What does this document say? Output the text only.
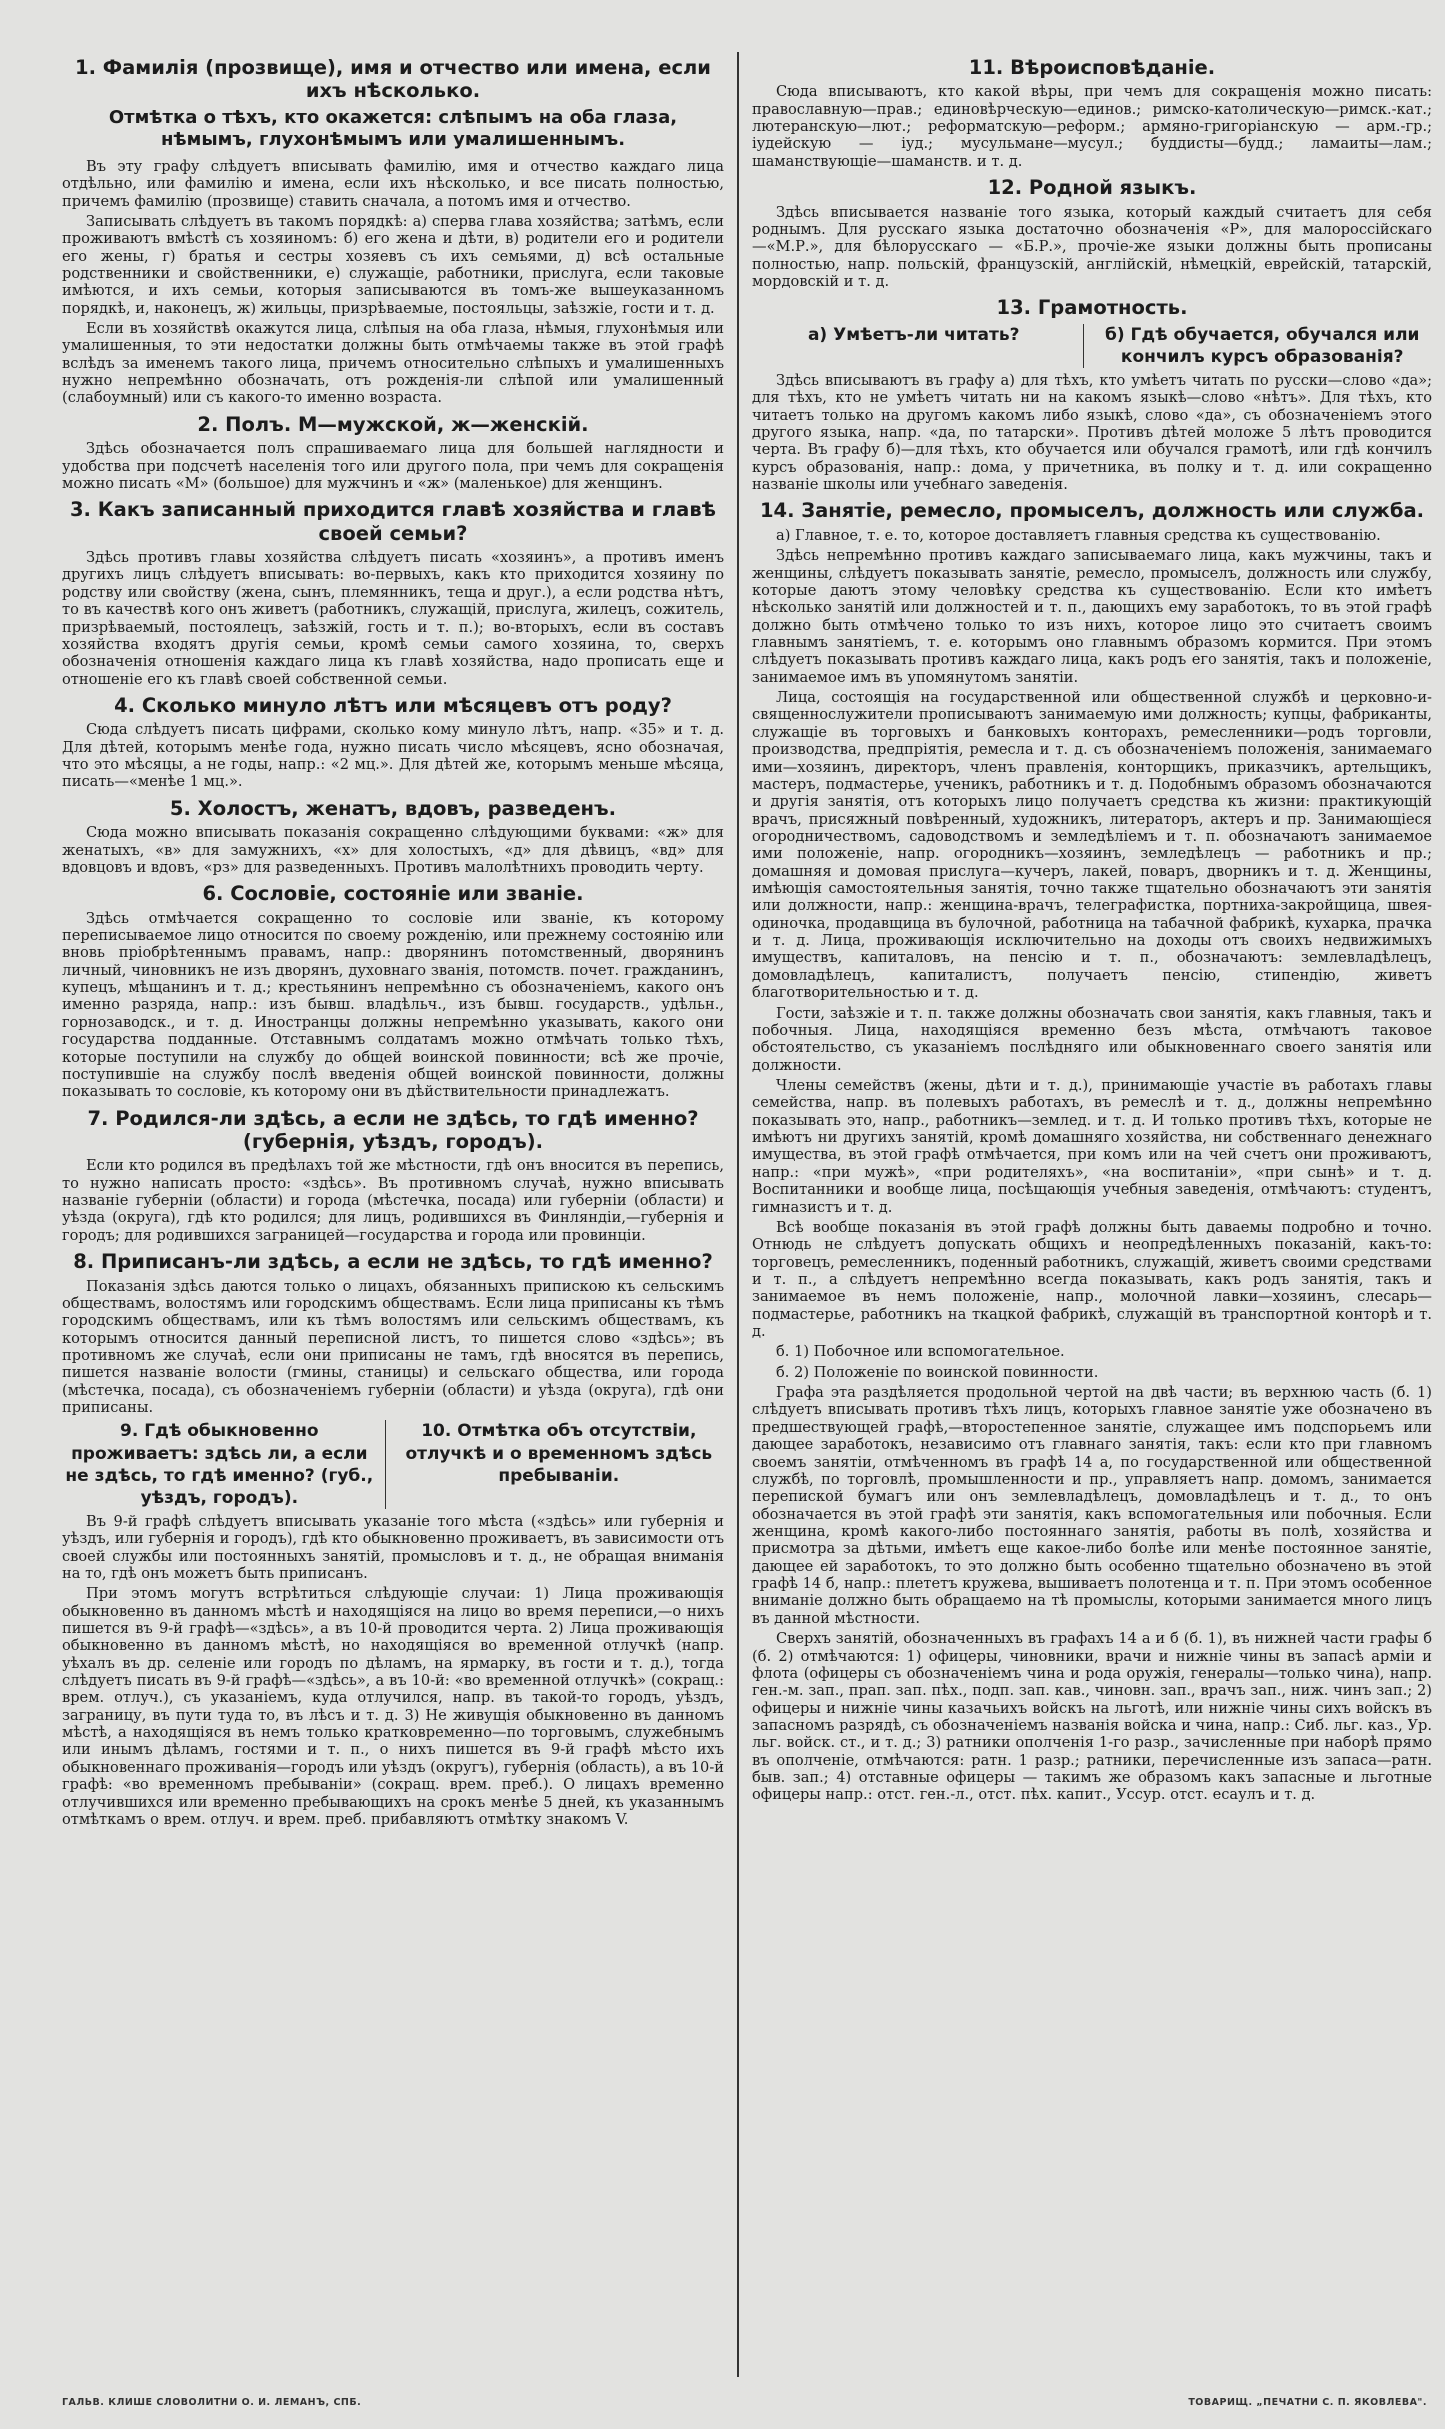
1. Фамилія (прозвище), имя и отчество или имена, если ихъ нѣсколько.
Отмѣтка о тѣхъ, кто окажется: слѣпымъ на оба глаза, нѣмымъ, глухонѣмымъ или умалишеннымъ.

Въ эту графу слѣдуетъ вписывать фамилію, имя и отчество каждаго лица отдѣльно, или фамилію и имена, если ихъ нѣсколько, и все писать полностью, причемъ фамилію (прозвище) ставить сначала, а потомъ имя и отчество.

Записывать слѣдуетъ въ такомъ порядкѣ: а) сперва глава хозяйства; затѣмъ, если проживаютъ вмѣстѣ съ хозяиномъ: б) его жена и дѣти, в) родители его и родители его жены, г) братья и сестры хозяевъ съ ихъ семьями, д) всѣ остальные родственники и свойственники, е) служащіе, работники, прислуга, если таковые имѣются, и ихъ семьи, которыя записываются въ томъ-же вышеуказанномъ порядкѣ, и, наконецъ, ж) жильцы, призрѣваемые, постояльцы, заѣзжіе, гости и т. д.

Если въ хозяйствѣ окажутся лица, слѣпыя на оба глаза, нѣмыя, глухонѣмыя или умалишенныя, то эти недостатки должны быть отмѣчаемы также въ этой графѣ вслѣдъ за именемъ такого лица, причемъ относительно слѣпыхъ и умалишенныхъ нужно непремѣнно обозначать, отъ рожденія-ли слѣпой или умалишенный (слабоумный) или съ какого-то именно возраста.

2. Полъ. М—мужской, ж—женскій.

Здѣсь обозначается полъ спрашиваемаго лица для большей наглядности и удобства при подсчетѣ населенія того или другого пола, при чемъ для сокращенія можно писать «М» (большое) для мужчинъ и «ж» (маленькое) для женщинъ.

3. Какъ записанный приходится главѣ хозяйства и главѣ своей семьи?

Здѣсь противъ главы хозяйства слѣдуетъ писать «хозяинъ», а противъ именъ другихъ лицъ слѣдуетъ вписывать: во-первыхъ, какъ кто приходится хозяину по родству или свойству (жена, сынъ, племянникъ, теща и друг.), а если родства нѣтъ, то въ качествѣ кого онъ живетъ (работникъ, служащій, прислуга, жилецъ, сожитель, призрѣваемый, постоялецъ, заѣзжій, гость и т. п.); во-вторыхъ, если въ составъ хозяйства входятъ другія семьи, кромѣ семьи самого хозяина, то, сверхъ обозначенія отношенія каждаго лица къ главѣ хозяйства, надо прописать еще и отношеніе его къ главѣ своей собственной семьи.

4. Сколько минуло лѣтъ или мѣсяцевъ отъ роду?

Сюда слѣдуетъ писать цифрами, сколько кому минуло лѣтъ, напр. «35» и т. д. Для дѣтей, которымъ менѣе года, нужно писать число мѣсяцевъ, ясно обозначая, что это мѣсяцы, а не годы, напр.: «2 мц.». Для дѣтей же, которымъ меньше мѣсяца, писать—«менѣе 1 мц.».

5. Холостъ, женатъ, вдовъ, разведенъ.

Сюда можно вписывать показанія сокращенно слѣдующими буквами: «ж» для женатыхъ, «в» для замужнихъ, «х» для холостыхъ, «д» для дѣвицъ, «вд» для вдовцовъ и вдовъ, «рз» для разведенныхъ. Противъ малолѣтнихъ проводить черту.

6. Сословіе, состояніе или званіе.

Здѣсь отмѣчается сокращенно то сословіе или званіе, къ которому переписываемое лицо относится по своему рожденію, или прежнему состоянію или вновь пріобрѣтеннымъ правамъ, напр.: дворянинъ потомственный, дворянинъ личный, чиновникъ не изъ дворянъ, духовнаго званія, потомств. почет. гражданинъ, купецъ, мѣщанинъ и т. д.; крестьянинъ непремѣнно съ обозначеніемъ, какого онъ именно разряда, напр.: изъ бывш. владѣльч., изъ бывш. государств., удѣльн., горнозаводск., и т. д. Иностранцы должны непремѣнно указывать, какого они государства подданные. Отставнымъ солдатамъ можно отмѣчать только тѣхъ, которые поступили на службу до общей воинской повинности; всѣ же прочіе, поступившіе на службу послѣ введенія общей воинской повинности, должны показывать то сословіе, къ которому они въ дѣйствительности принадлежатъ.

7. Родился-ли здѣсь, а если не здѣсь, то гдѣ именно? (губернія, уѣздъ, городъ).

Если кто родился въ предѣлахъ той же мѣстности, гдѣ онъ вносится въ перепись, то нужно написать просто: «здѣсь». Въ противномъ случаѣ, нужно вписывать названіе губерніи (области) и города (мѣстечка, посада) или губерніи (области) и уѣзда (округа), гдѣ кто родился; для лицъ, родившихся въ Финляндіи,—губернія и городъ; для родившихся заграницей—государства и города или провинціи.

8. Приписанъ-ли здѣсь, а если не здѣсь, то гдѣ именно?

Показанія здѣсь даются только о лицахъ, обязанныхъ припискою къ сельскимъ обществамъ, волостямъ или городскимъ обществамъ. Если лица приписаны къ тѣмъ городскимъ обществамъ, или къ тѣмъ волостямъ или сельскимъ обществамъ, къ которымъ относится данный переписной листъ, то пишется слово «здѣсь»; въ противномъ же случаѣ, если они приписаны не тамъ, гдѣ вносятся въ перепись, пишется названіе волости (гмины, станицы) и сельскаго общества, или города (мѣстечка, посада), съ обозначеніемъ губерніи (области) и уѣзда (округа), гдѣ они приписаны.

9. Гдѣ обыкновенно проживаетъ: здѣсь ли, а если не здѣсь, то гдѣ именно? (губ., уѣздъ, городъ).
10. Отмѣтка объ отсутствіи, отлучкѣ и о временномъ здѣсь пребываніи.

Въ 9-й графѣ слѣдуетъ вписывать указаніе того мѣста («здѣсь» или губернія и уѣздъ, или губернія и городъ), гдѣ кто обыкновенно проживаетъ, въ зависимости отъ своей службы или постоянныхъ занятій, промысловъ и т. д., не обращая вниманія на то, гдѣ онъ можетъ быть приписанъ.

При этомъ могутъ встрѣтиться слѣдующіе случаи: 1) Лица проживающія обыкновенно въ данномъ мѣстѣ и находящіяся на лицо во время переписи,—о нихъ пишется въ 9-й графѣ—«здѣсь», а въ 10-й проводится черта. 2) Лица проживающія обыкновенно въ данномъ мѣстѣ, но находящіяся во временной отлучкѣ (напр. уѣхалъ въ др. селеніе или городъ по дѣламъ, на ярмарку, въ гости и т. д.), тогда слѣдуетъ писать въ 9-й графѣ—«здѣсь», а въ 10-й: «во временной отлучкѣ» (сокращ.: врем. отлуч.), съ указаніемъ, куда отлучился, напр. въ такой-то городъ, уѣздъ, заграницу, въ пути тудa то, въ лѣсъ и т. д. 3) Не живущія обыкновенно въ данномъ мѣстѣ, а находящіяся въ немъ только кратковременно—по торговымъ, служебнымъ или инымъ дѣламъ, гостями и т. п., о нихъ пишется въ 9-й графѣ мѣсто ихъ обыкновеннаго проживанія—городъ или уѣздъ (округъ), губернія (область), а въ 10-й графѣ: «во временномъ пребываніи» (сокращ. врем. преб.). О лицахъ временно отлучившихся или временно пребывающихъ на срокъ менѣе 5 дней, къ указаннымъ отмѣткамъ о врем. отлуч. и врем. преб. прибавляютъ отмѣтку знакомъ V.

11. Вѣроисповѣданіе.

Сюда вписываютъ, кто какой вѣры, при чемъ для сокращенія можно писать: православную—прав.; единовѣрческую—единов.; римско-католическую—римск.-кат.; лютеранскую—лют.; реформатскую—реформ.; армяно-григоріанскую — арм.-гр.; іудейскую — іуд.; мусульмане—мусул.; буддисты—будд.; ламаиты—лам.; шаманствующіе—шаманств. и т. д.

12. Родной языкъ.

Здѣсь вписывается названіе того языка, который каждый считаетъ для себя роднымъ. Для русскаго языка достаточно обозначенія «Р», для малороссійскаго—«М.Р.», для бѣлорусскаго — «Б.Р.», прочіе-же языки должны быть прописаны полностью, напр. польскій, французскій, англійскій, нѣмецкій, еврейскій, татарскій, мордовскій и т. д.

13. Грамотность.
а) Умѣетъ-ли читать?	б) Гдѣ обучается, обучался или кончилъ курсъ образованія?

Здѣсь вписываютъ въ графу а) для тѣхъ, кто умѣетъ читать по русски—слово «да»; для тѣхъ, кто не умѣетъ читать ни на какомъ языкѣ—слово «нѣтъ». Для тѣхъ, кто читаетъ только на другомъ какомъ либо языкѣ, слово «да», съ обозначеніемъ этого другого языка, напр. «да, по татарски». Противъ дѣтей моложе 5 лѣтъ проводится черта. Въ графу б)—для тѣхъ, кто обучается или обучался грамотѣ, или гдѣ кончилъ курсъ образованія, напр.: дома, у причетника, въ полку и т. д. или сокращенно названіе школы или учебнаго заведенія.

14. Занятіе, ремесло, промыселъ, должность или служба.

а) Главное, т. е. то, которое доставляетъ главныя средства къ существованію.

Здѣсь непремѣнно противъ каждаго записываемаго лица, какъ мужчины, такъ и женщины, слѣдуетъ показывать занятіе, ремесло, промыселъ, должность или службу, которые даютъ этому человѣку средства къ существованію. Если кто имѣетъ нѣсколько занятій или должностей и т. п., дающихъ ему заработокъ, то въ этой графѣ должно быть отмѣчено только то изъ нихъ, которое лицо это считаетъ своимъ главнымъ занятіемъ, т. е. которымъ оно главнымъ образомъ кормится. При этомъ слѣдуетъ показывать противъ каждаго лица, какъ родъ его занятія, такъ и положеніе, занимаемое имъ въ упомянутомъ занятіи.

Лица, состоящія на государственной или общественной службѣ и церковно-и-священнослужители прописываютъ занимаемую ими должность; купцы, фабриканты, служащіе въ торговыхъ и банковыхъ конторахъ, ремесленники—родъ торговли, производства, предпріятія, ремесла и т. д. съ обозначеніемъ положенія, занимаемаго ими—хозяинъ, директоръ, членъ правленія, конторщикъ, приказчикъ, артельщикъ, мастеръ, подмастерье, ученикъ, работникъ и т. д. Подобнымъ образомъ обозначаются и другія занятія, отъ которыхъ лицо получаетъ средства къ жизни: практикующій врачъ, присяжный повѣренный, художникъ, литераторъ, актеръ и пр. Занимающіеся огородничествомъ, садоводствомъ и земледѣліемъ и т. п. обозначаютъ занимаемое ими положеніе, напр. огородникъ—хозяинъ, земледѣлецъ — работникъ и пр.; домашняя и домовая прислуга—кучеръ, лакей, поваръ, дворникъ и т. д. Женщины, имѣющія самостоятельныя занятія, точно также тщательно обозначаютъ эти занятія или должности, напр.: женщина-врачъ, телеграфистка, портниха-закройщица, швея-одиночка, продавщица въ булочной, работница на табачной фабрикѣ, кухарка, прачка и т. д. Лица, проживающія исключительно на доходы отъ своихъ недвижимыхъ имуществъ, капиталовъ, на пенсію и т. п., обозначаютъ: землевладѣлецъ, домовладѣлецъ, капиталистъ, получаетъ пенсію, стипендію, живетъ благотворительностью и т. д.

Гости, заѣзжіе и т. п. также должны обозначать свои занятія, какъ главныя, такъ и побочныя. Лица, находящіяся временно безъ мѣста, отмѣчаютъ таковое обстоятельство, съ указаніемъ послѣдняго или обыкновеннаго своего занятія или должности.

Члены семействъ (жены, дѣти и т. д.), принимающіе участіе въ работахъ главы семейства, напр. въ полевыхъ работахъ, въ ремеслѣ и т. д., должны непремѣнно показывать это, напр., работникъ—землед. и т. д. И только противъ тѣхъ, которые не имѣютъ ни другихъ занятій, кромѣ домашняго хозяйства, ни собственнаго денежнаго имущества, въ этой графѣ отмѣчается, при комъ или на чей счетъ они проживаютъ, напр.: «при мужѣ», «при родителяхъ», «на воспитаніи», «при сынѣ» и т. д. Воспитанники и вообще лица, посѣщающія учебныя заведенія, отмѣчаютъ: студентъ, гимназистъ и т. д.

Всѣ вообще показанія въ этой графѣ должны быть даваемы подробно и точно. Отнюдь не слѣдуетъ допускать общихъ и неопредѣленныхъ показаній, какъ-то: торговецъ, ремесленникъ, поденный работникъ, служащій, живетъ своими средствами и т. п., а слѣдуетъ непремѣнно всегда показывать, какъ родъ занятія, такъ и занимаемое въ немъ положеніе, напр., молочной лавки—хозяинъ, слесарь—подмастерье, работникъ на ткацкой фабрикѣ, служащій въ транспортной конторѣ и т. д.

б. 1) Побочное или вспомогательное.

б. 2) Положеніе по воинской повинности.

Графа эта раздѣляется продольной чертой на двѣ части; въ верхнюю часть (б. 1) слѣдуетъ вписывать противъ тѣхъ лицъ, которыхъ главное занятіе уже обозначено въ предшествующей графѣ,—второстепенное занятіе, служащее имъ подспорьемъ или дающее заработокъ, независимо отъ главнаго занятія, такъ: если кто при главномъ своемъ занятіи, отмѣченномъ въ графѣ 14 а, по государственной или общественной службѣ, по торговлѣ, промышленности и пр., управляетъ напр. домомъ, занимается перепиской бумагъ или онъ землевладѣлецъ, домовладѣлецъ и т. д., то онъ обозначается въ этой графѣ эти занятія, какъ вспомогательныя или побочныя. Если женщина, кромѣ какого-либо постояннаго занятія, работы въ полѣ, хозяйства и присмотра за дѣтьми, имѣетъ еще какое-либо болѣе или менѣе постоянное занятіе, дающее ей заработокъ, то это должно быть особенно тщательно обозначено въ этой графѣ 14 б, напр.: плететъ кружева, вышиваетъ полотенца и т. п. При этомъ особенное вниманіе должно быть обращаемо на тѣ промыслы, которыми занимается много лицъ въ данной мѣстности.

Сверхъ занятій, обозначенныхъ въ графахъ 14 а и б (б. 1), въ нижней части графы б (б. 2) отмѣчаются: 1) офицеры, чиновники, врачи и нижніе чины въ запасѣ арміи и флота (офицеры съ обозначеніемъ чина и рода оружія, генералы—только чина), напр. ген.-м. зап., прап. зап. пѣх., подп. зап. кав., чиновн. зап., врачъ зап., ниж. чинъ зап.; 2) офицеры и нижніе чины казачьихъ войскъ на льготѣ, или нижніе чины сихъ войскъ въ запасномъ разрядѣ, съ обозначеніемъ названія войска и чина, напр.: Сиб. льг. каз., Ур. льг. войск. ст., и т. д.; 3) ратники ополченія 1-го разр., зачисленные при наборѣ прямо въ ополченіе, отмѣчаются: ратн. 1 разр.; ратники, перечисленные изъ запаса—ратн. быв. зап.; 4) отставные офицеры — такимъ же образомъ какъ запасные и льготные офицеры напр.: отст. ген.-л., отст. пѣх. капит., Уссур. отст. есаулъ и т. д.

ГАЛЬВ. КЛИШЕ СЛОВОЛИТНИ О. И. ЛЕМАНЪ, СПБ.	ТОВАРИЩ. „ПЕЧАТНИ С. П. ЯКОВЛЕВА".
